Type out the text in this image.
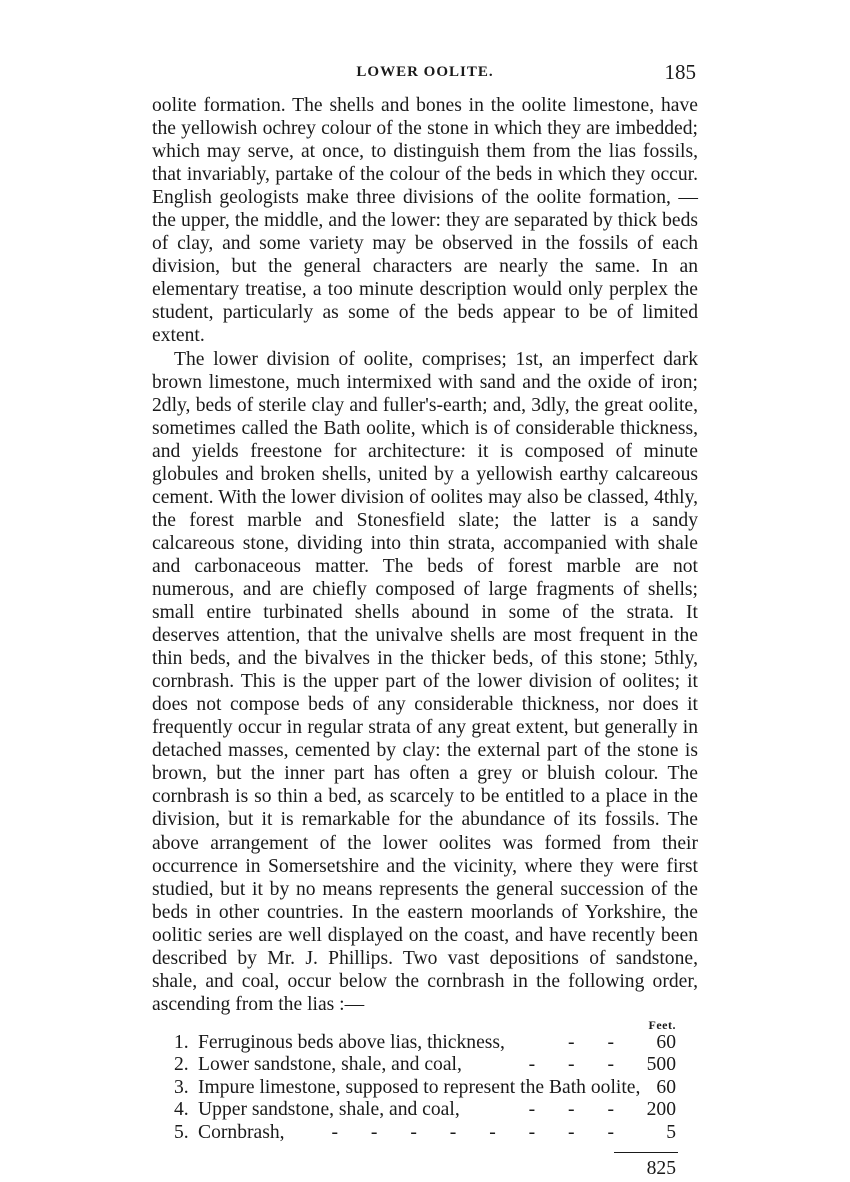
LOWER OOLITE.	185

oolite formation. The shells and bones in the oolite limestone, have the yellowish ochrey colour of the stone in which they are imbedded; which may serve, at once, to distinguish them from the lias fossils, that invariably, partake of the colour of the beds in which they occur. English geologists make three divisions of the oolite formation, —the upper, the middle, and the lower: they are separated by thick beds of clay, and some variety may be observed in the fossils of each division, but the general characters are nearly the same. In an elementary treatise, a too minute description would only perplex the student, particularly as some of the beds appear to be of limited extent.

The lower division of oolite, comprises; 1st, an imperfect dark brown limestone, much intermixed with sand and the oxide of iron; 2dly, beds of sterile clay and fuller's-earth; and, 3dly, the great oolite, sometimes called the Bath oolite, which is of considerable thickness, and yields freestone for architecture: it is composed of minute globules and broken shells, united by a yellowish earthy calcareous cement. With the lower division of oolites may also be classed, 4thly, the forest marble and Stonesfield slate; the latter is a sandy calcareous stone, dividing into thin strata, accompanied with shale and carbonaceous matter. The beds of forest marble are not numerous, and are chiefly composed of large fragments of shells; small entire turbinated shells abound in some of the strata. It deserves attention, that the univalve shells are most frequent in the thin beds, and the bivalves in the thicker beds, of this stone; 5thly, cornbrash. This is the upper part of the lower division of oolites; it does not compose beds of any considerable thickness, nor does it frequently occur in regular strata of any great extent, but generally in detached masses, cemented by clay: the external part of the stone is brown, but the inner part has often a grey or bluish colour. The cornbrash is so thin a bed, as scarcely to be entitled to a place in the division, but it is remarkable for the abundance of its fossils. The above arrangement of the lower oolites was formed from their occurrence in Somersetshire and the vicinity, where they were first studied, but it by no means represents the general succession of the beds in other countries. In the eastern moorlands of Yorkshire, the oolitic series are well displayed on the coast, and have recently been described by Mr. J. Phillips. Two vast depositions of sandstone, shale, and coal, occur below the cornbrash in the following order, ascending from the lias :—

Feet.
1. Ferruginous beds above lias, thickness,	- - 60
2. Lower sandstone, shale, and coal,	- - - 500
3. Impure limestone, supposed to represent the Bath oolite, 60
4. Upper sandstone, shale, and coal,	- - - 200
5. Cornbrash, - - - - - - - - 5
825
